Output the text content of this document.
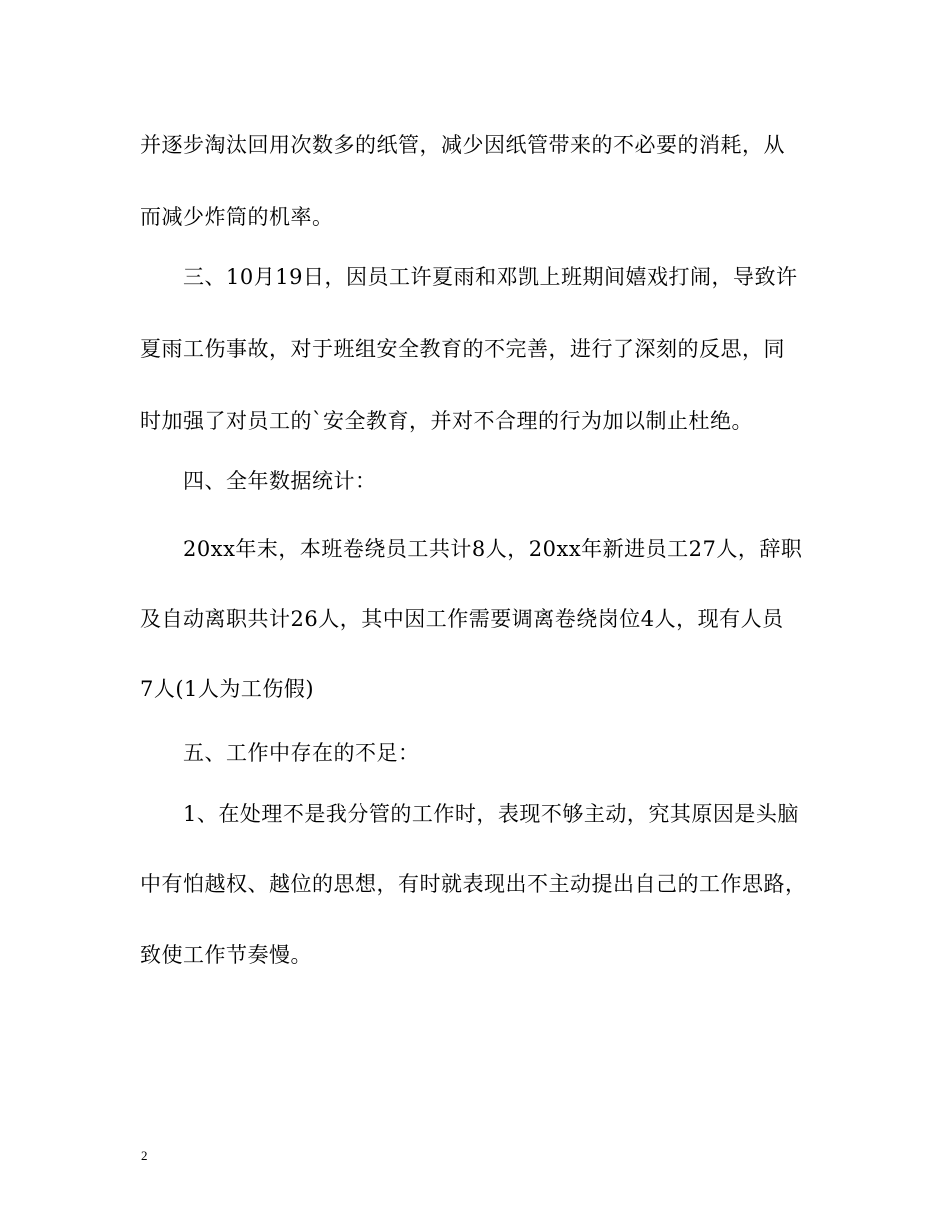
并逐步淘汰回用次数多的纸管，减少因纸管带来的不必要的消耗，从
而减少炸筒的机率。
三、10月19日，因员工许夏雨和邓凯上班期间嬉戏打闹，导致许
夏雨工伤事故，对于班组安全教育的不完善，进行了深刻的反思，同
时加强了对员工的`安全教育，并对不合理的行为加以制止杜绝。
四、全年数据统计：
20xx年末，本班卷绕员工共计8人，20xx年新进员工27人，辞职
及自动离职共计26人，其中因工作需要调离卷绕岗位4人，现有人员
7人(1人为工伤假)
五、工作中存在的不足：
1、在处理不是我分管的工作时，表现不够主动，究其原因是头脑
中有怕越权、越位的思想，有时就表现出不主动提出自己的工作思路，
致使工作节奏慢。
2
